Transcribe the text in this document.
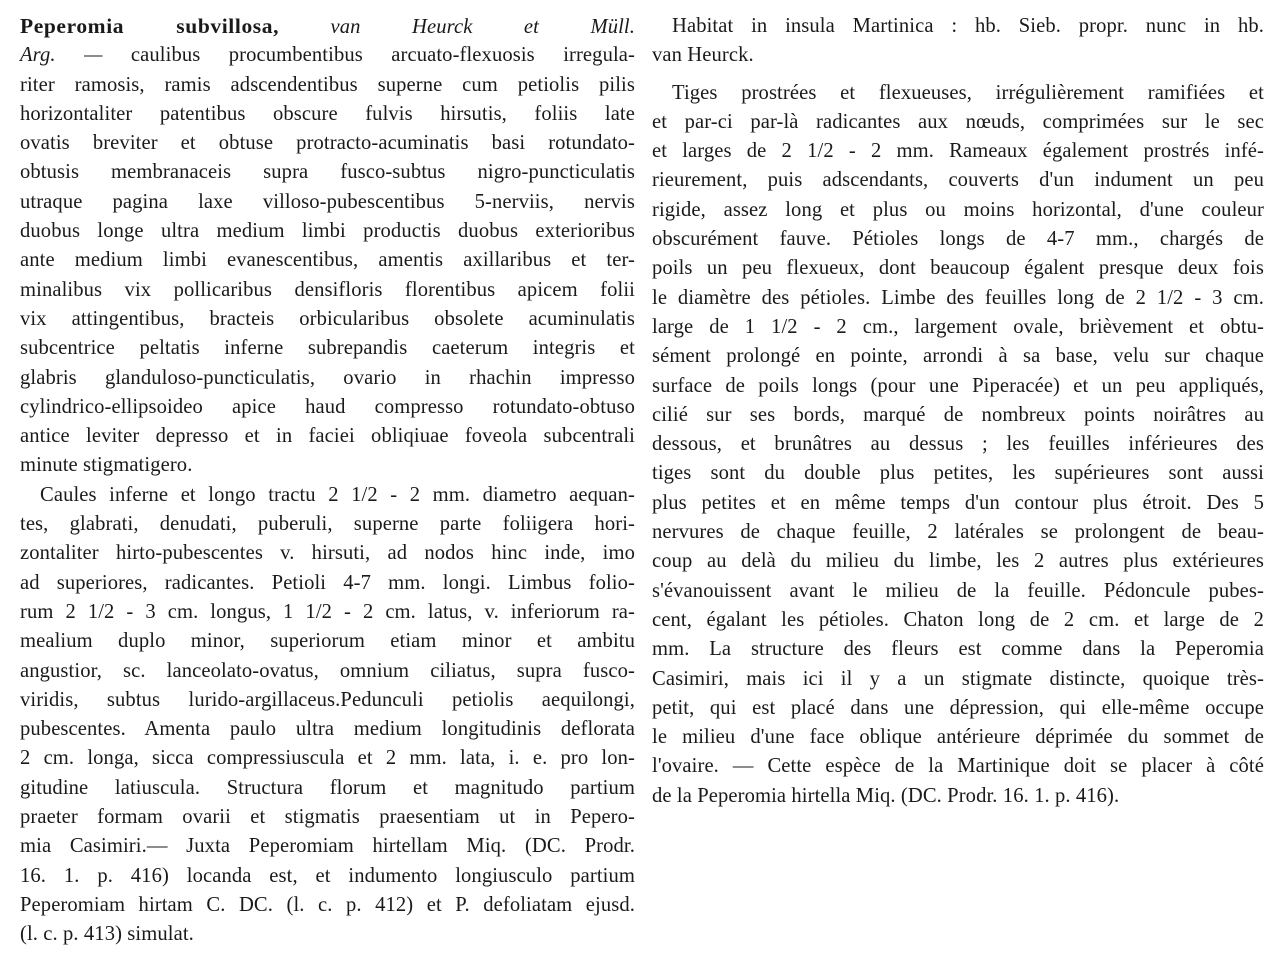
Peperomia subvillosa, van Heurck et Müll.
Arg. — caulibus procumbentibus arcuato-flexuosis irregula-
riter ramosis, ramis adscendentibus superne cum petiolis pilis
horizontaliter patentibus obscure fulvis hirsutis, foliis late
ovatis breviter et obtuse protracto-acuminatis basi rotundato-
obtusis membranaceis supra fusco-subtus nigro-puncticulatis
utraque pagina laxe villoso-pubescentibus 5-nerviis, nervis
duobus longe ultra medium limbi productis duobus exterioribus
ante medium limbi evanescentibus, amentis axillaribus et ter-
minalibus vix pollicaribus densifloris florentibus apicem folii
vix attingentibus, bracteis orbicularibus obsolete acuminulatis
subcentrice peltatis inferne subrepandis caeterum integris et
glabris glanduloso-puncticulatis, ovario in rhachin impresso
cylindrico-ellipsoideo apice haud compresso rotundato-obtuso
antice leviter depresso et in faciei obliqiuae foveola subcentrali
minute stigmatigero.
Caules inferne et longo tractu 2 1/2 - 2 mm. diametro aequan-
tes, glabrati, denudati, puberuli, superne parte foliigera hori-
zontaliter hirto-pubescentes v. hirsuti, ad nodos hinc inde, imo
ad superiores, radicantes. Petioli 4-7 mm. longi. Limbus folio-
rum 2 1/2 - 3 cm. longus, 1 1/2 - 2 cm. latus, v. inferiorum ra-
mealium duplo minor, superiorum etiam minor et ambitu
angustior, sc. lanceolato-ovatus, omnium ciliatus, supra fusco-
viridis, subtus lurido-argillaceus.Pedunculi petiolis aequilongi,
pubescentes. Amenta paulo ultra medium longitudinis deflorata
2 cm. longa, sicca compressiuscula et 2 mm. lata, i. e. pro lon-
gitudine latiuscula. Structura florum et magnitudo partium
praeter formam ovarii et stigmatis praesentiam ut in Pepero-
mia Casimiri.— Juxta Peperomiam hirtellam Miq. (DC. Prodr.
16. 1. p. 416) locanda est, et indumento longiusculo partium
Peperomiam hirtam C. DC. (l. c. p. 412) et P. defoliatam ejusd.
(l. c. p. 413) simulat.
Habitat in insula Martinica : hb. Sieb. propr. nunc in hb.
van Heurck.
Tiges prostrées et flexueuses, irrégulièrement ramifiées et
et par-ci par-là radicantes aux nœuds, comprimées sur le sec
et larges de 2 1/2 - 2 mm. Rameaux également prostrés infé-
rieurement, puis adscendants, couverts d'un indument un peu
rigide, assez long et plus ou moins horizontal, d'une couleur
obscurément fauve. Pétioles longs de 4-7 mm., chargés de
poils un peu flexueux, dont beaucoup égalent presque deux fois
le diamètre des pétioles. Limbe des feuilles long de 2 1/2 - 3 cm.
large de 1 1/2 - 2 cm., largement ovale, brièvement et obtu-
sément prolongé en pointe, arrondi à sa base, velu sur chaque
surface de poils longs (pour une Piperacée) et un peu appliqués,
cilié sur ses bords, marqué de nombreux points noirâtres au
dessous, et brunâtres au dessus ; les feuilles inférieures des
tiges sont du double plus petites, les supérieures sont aussi
plus petites et en même temps d'un contour plus étroit. Des 5
nervures de chaque feuille, 2 latérales se prolongent de beau-
coup au delà du milieu du limbe, les 2 autres plus extérieures
s'évanouissent avant le milieu de la feuille. Pédoncule pubes-
cent, égalant les pétioles. Chaton long de 2 cm. et large de 2
mm. La structure des fleurs est comme dans la Peperomia
Casimiri, mais ici il y a un stigmate distincte, quoique très-
petit, qui est placé dans une dépression, qui elle-même occupe
le milieu d'une face oblique antérieure déprimée du sommet de
l'ovaire. — Cette espèce de la Martinique doit se placer à côté
de la Peperomia hirtella Miq. (DC. Prodr. 16. 1. p. 416).
